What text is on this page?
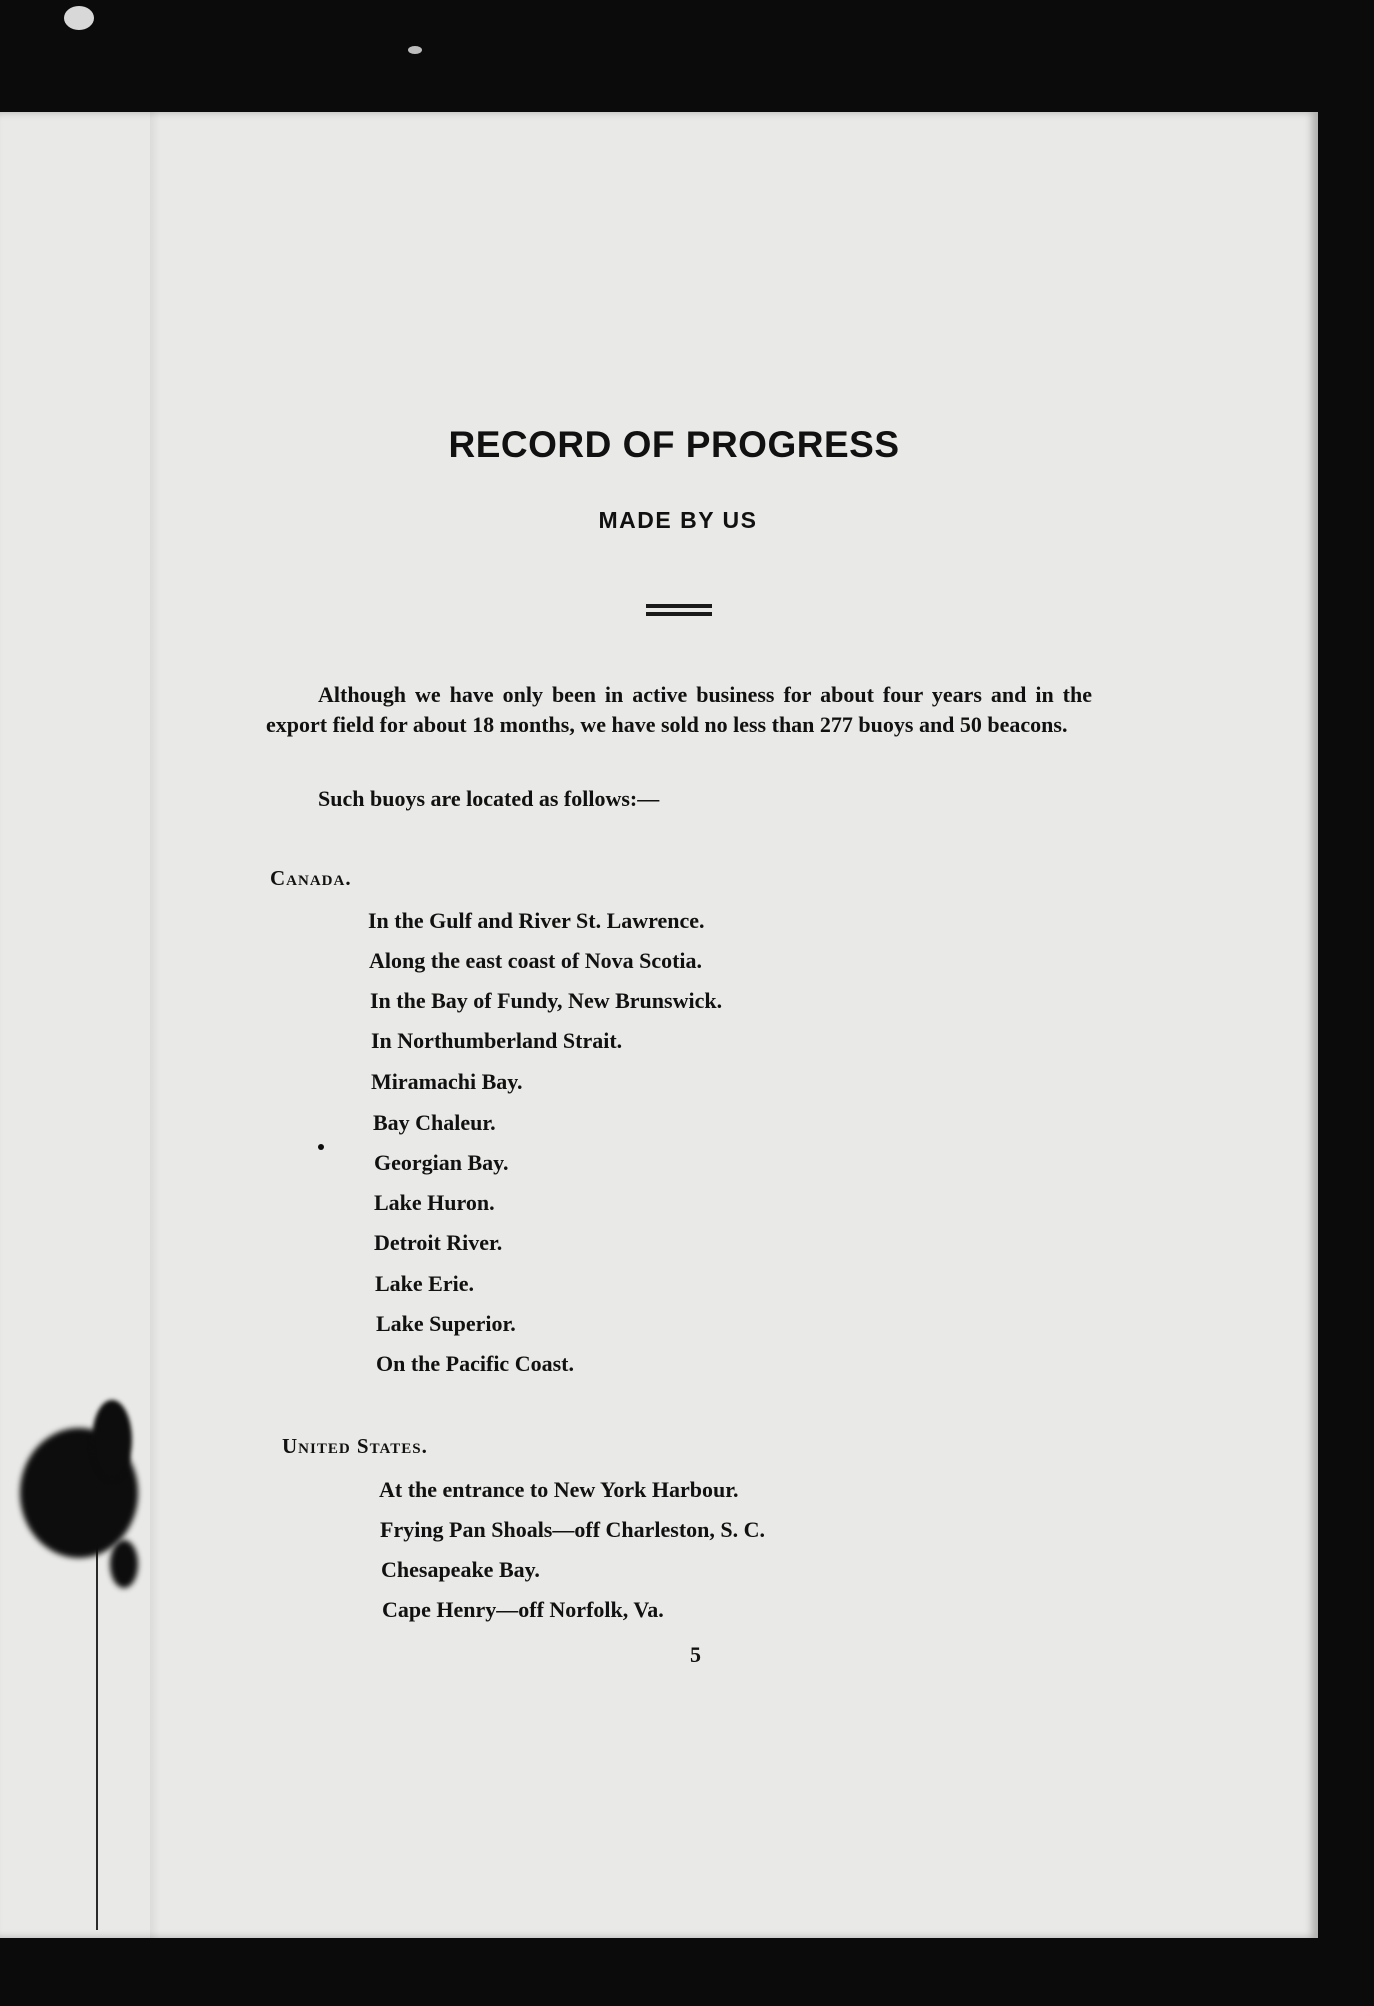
RECORD OF PROGRESS
MADE BY US
Although we have only been in active business for about four years and in the export field for about 18 months, we have sold no less than 277 buoys and 50 beacons.
Such buoys are located as follows:—
Canada.
In the Gulf and River St. Lawrence.
Along the east coast of Nova Scotia.
In the Bay of Fundy, New Brunswick.
In Northumberland Strait.
Miramachi Bay.
Bay Chaleur.
Georgian Bay.
Lake Huron.
Detroit River.
Lake Erie.
Lake Superior.
On the Pacific Coast.
United States.
At the entrance to New York Harbour.
Frying Pan Shoals—off Charleston, S. C.
Chesapeake Bay.
Cape Henry—off Norfolk, Va.
5
